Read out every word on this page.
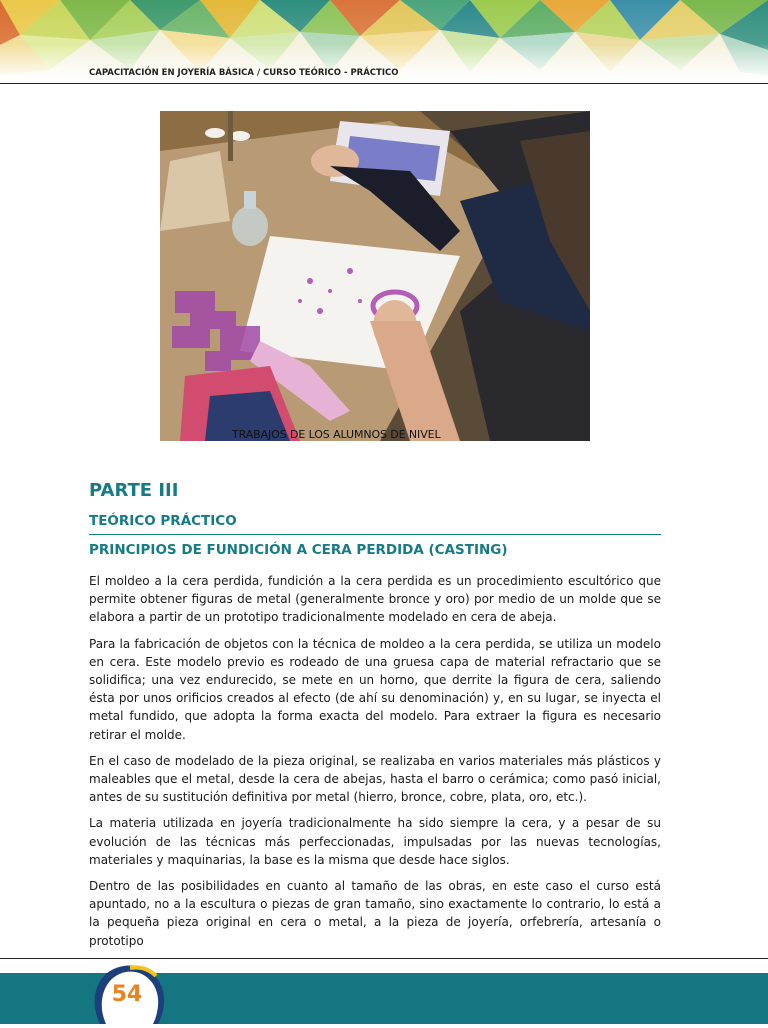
CAPACITACIÓN EN JOYERÍA BÁSICA / CURSO TEÓRICO - PRÁCTICO
TRABAJOS DE LOS ALUMNOS DE NIVEL
PARTE III
TEÓRICO PRÁCTICO
PRINCIPIOS DE FUNDICIÓN A CERA PERDIDA (CASTING)

El moldeo a la cera perdida, fundición a la cera perdida es un procedimiento escultórico que permite obtener figuras de metal (generalmente bronce y oro) por medio de un molde que se elabora a partir de un prototipo tradicionalmente modelado en cera de abeja.

Para la fabricación de objetos con la técnica de moldeo a la cera perdida, se utiliza un modelo en cera. Este modelo previo es rodeado de una gruesa capa de material refractario que se solidifica; una vez endurecido, se mete en un horno, que derrite la figura de cera, saliendo ésta por unos orificios creados al efecto (de ahí su denominación) y, en su lugar, se inyecta el metal fundido, que adopta la forma exacta del modelo. Para extraer la figura es necesario retirar el molde.

En el caso de modelado de la pieza original, se realizaba en varios materiales más plásticos y maleables que el metal, desde la cera de abejas, hasta el barro o cerámica; como pasó inicial, antes de su sustitución definitiva por metal (hierro, bronce, cobre, plata, oro, etc.).

La materia utilizada en joyería tradicionalmente ha sido siempre la cera, y a pesar de su evolución de las técnicas más perfeccionadas, impulsadas por las nuevas tecnologías, materiales y maquinarias, la base es la misma que desde hace siglos.

Dentro de las posibilidades en cuanto al tamaño de las obras, en este caso el curso está apuntado, no a la escultura o piezas de gran tamaño, sino exactamente lo contrario, lo está a la pequeña pieza original en cera o metal, a la pieza de joyería, orfebrería, artesanía o prototipo

54
